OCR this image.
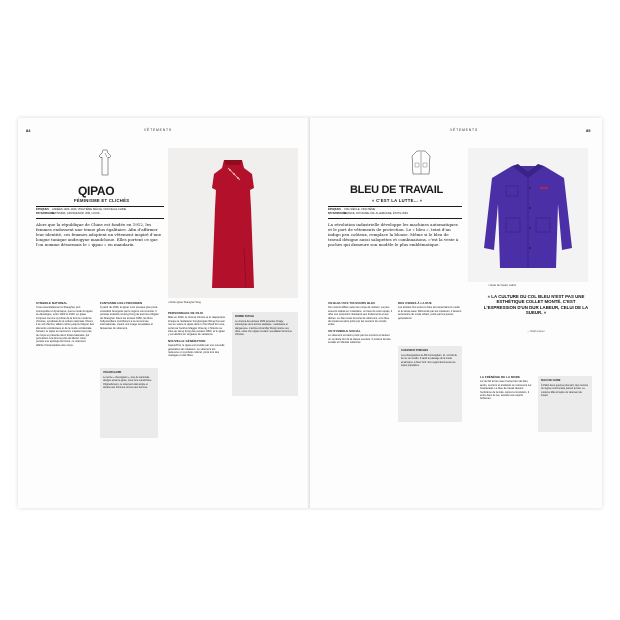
84	VÊTEMENTS
QIPAO
FÉMINISME ET CLICHÉS
ÉPOQUES ANNÉES 1920–1940, VINGTIÈME SIÈCLE, NOUVELLE CHINE
PAYS/ORIGINEALTISSIMA, GROSVENOR, IRIS, LOUIS…
Alors que la république de Chine est fondée en 1912, les femmes endossent une tenue plus égalitaire. Afin d'affirmer leur identité, ces femmes adoptent un vêtement inspiré d'une longue tunique androgyne mandchoue. Elles portent ce que l'on nomme désormais le « qipao » en mandarin.
• Robe qipao Shanghai Tang
SYMBOLE NATIONAL

C'est essentiellement à Shanghai, port cosmopolite et dynamique, que la mode du qipao se développe, entre 1920 et 1940. Le qipao s'impose comme symbole de la femme moderne chinoise, syndicate de la culture nationale. Divers, il se voit d'écrire, alliant même jusqu'à intégrer des éléments occidentaux et de la mode occidentale. Suivant, le qipao se raccourcit, s'ajuste tout près du corps et présente deux fentes latérales, qui permettent à la femme plus de liberté. Ainsi portant une apologie féminine, ce vêtement affiche l'émancipation des corps.

FANTASME HOLLYWOODIEN

À partir de 1949, le qipao n'est presque plus porté, considéré bourgeois par le régime communiste. Il persiste toutefois à Hong Kong de quoi les réfugiés de Shanghai. Dans les années 1950, les films hollywoodiens contribuent à sa renommée internationale, créant une image sexualisée et fantasmée du vêtement.

VOCABULAIRE

Le terme « cheongsam », issu du cantonais, désigne aussi le qipao, sous l'ère mandchoue. Originellement, ce vêtement était ample et destiné aux hommes comme aux femmes.

PERSONNAGE DE FILM

Mais en 2000, le cinéma chinois se le réapproprie lorsque le réalisateur hongkongais Wong Kar-wai met en scène le qipao dans In the Mood for Love, porté par l'actrice Maggie Cheung. L'histoire se situe au Hong Kong des années 1960, et le qipao y est décliné en vingtaine de variations.

NOUVELLE GÉNÉRATION

Aujourd'hui, le qipao est revisité par une nouvelle génération de créateurs. Le vêtement est redevenu un symbole culturel, porté lors des mariages et des fêtes.

FEMME FATALE

Le cinéma des années 1930 perpétue l'image stéréotypée de la femme asiatique : séduisante et dangereuse. L'actrice Anna May Wong incarne ces rôles, vêtue d'un qipao moulant, sexualisant la femme chinoise.

VÊTEMENTS	85
BLEU DE TRAVAIL
« C'EST LA LUTTE… »
ÉPOQUES XIXe SIÈCLE, VINGTIÈME
PAYS/ORIGINEFRANCE, ROYAUME-UNI, ALLEMAGNE, ÉTATS-UNIS
La révolution industrielle développe les machines automatiques et le port de vêtements de protection. Le « bleu », teint d'un indigo peu coûteux, remplace la blouse. Même si le bleu de travail désigne aussi salopettes et combinaisons, c'est la veste à poches qui demeure son modèle le plus emblématique.
• Veste de travail, Lafont
« LA CULTURE DU COL BLEU N'EST PAS UNE ESTHÉTIQUE COLLET MONTÉ. C'EST L'EXPRESSION D'UN DUR LABEUR, CELUI DE LA SUEUR. »
— Ralph Lauren
UN BLEU PAS TOUJOURS BLEU

Son coloris diffère selon les corps de métiers. La plus souvent réalisé en moleskine, un tissu de coton épais, il offre une protection résistante aux frottements et aux tâches. Le bleu reste la teinte de référence, et le bleu de travail est alors porté par les ouvriers du monde entier.

UN SYMBOLE SOCIAL

Le vêtement est alors porté par les ouvriers et devient un symbole fort de la classe ouvrière. Il incarne la lutte sociale et l'identité collective.

DES USINES À LA RUE

Les artistes font entrer le bleu de travail dans la mode et le street-wear. Réinventé par les créateurs, il devient accessoire de mode urbain, porté par les jeunes générations.

CHASSEUR D'IMAGES

Les photographes de Bill Cunningham, ici, ont fait de la rue son studio. Il saisit le passage de la mode américaine, à New York. Son regard documente les styles populaires.

LA FRÉNÉSIE DE LA MODE

La vie fait le lien avec l'usine bien de bleu après, ouvriers et étudiants se retrouvent sur l'esplanade. Le bleu de travail devient l'emblème de la lutte. Après la révolution, il entre dans la rue, associé aux esprits bohèmes.

BLEU DE CHINE

À Pékin deux guerres plus tard, des ouvriers du régime communiste portent le bleu. Le costume Mao s'inspire du vêtement de travail.
